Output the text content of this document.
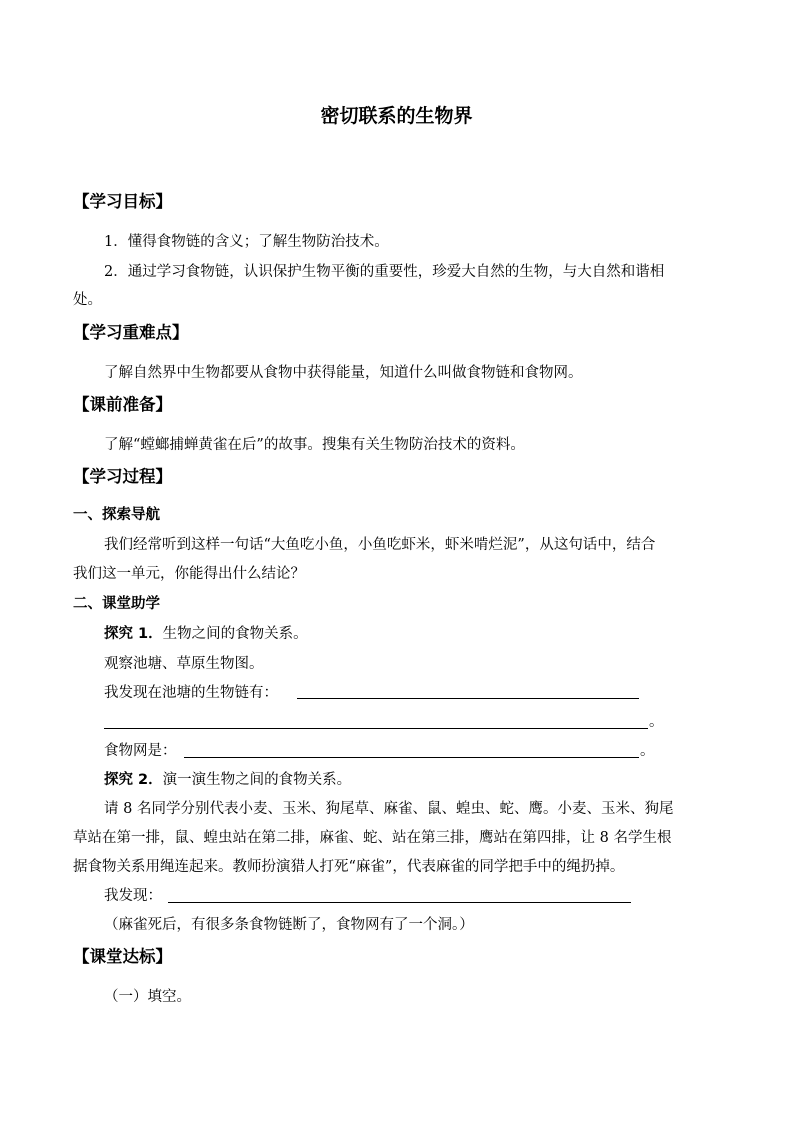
密切联系的生物界
【学习目标】
1．懂得食物链的含义；了解生物防治技术。
2．通过学习食物链，认识保护生物平衡的重要性，珍爱大自然的生物，与大自然和谐相
处。
【学习重难点】
了解自然界中生物都要从食物中获得能量，知道什么叫做食物链和食物网。
【课前准备】
了解“螳螂捕蝉黄雀在后”的故事。搜集有关生物防治技术的资料。
【学习过程】
一、探索导航
我们经常听到这样一句话“大鱼吃小鱼，小鱼吃虾米，虾米啃烂泥”，从这句话中，结合
我们这一单元，你能得出什么结论？
二、课堂助学
探究 1．生物之间的食物关系。
观察池塘、草原生物图。
我发现在池塘的生物链有：
。
食物网是：	。
探究 2．演一演生物之间的食物关系。
请 8 名同学分别代表小麦、玉米、狗尾草、麻雀、鼠、蝗虫、蛇、鹰。小麦、玉米、狗尾
草站在第一排，鼠、蝗虫站在第二排，麻雀、蛇、站在第三排，鹰站在第四排，让 8 名学生根
据食物关系用绳连起来。教师扮演猎人打死“麻雀”，代表麻雀的同学把手中的绳扔掉。
我发现：
（麻雀死后，有很多条食物链断了，食物网有了一个洞。）
【课堂达标】
（一）填空。
